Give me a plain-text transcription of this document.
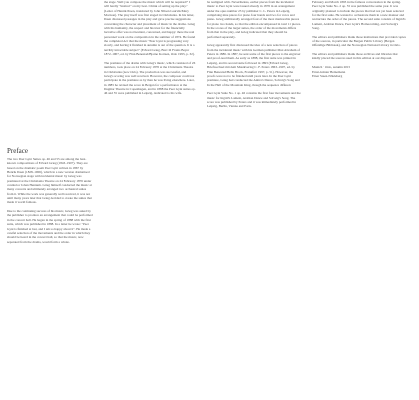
Preface

The two Peer Gynt Suites op. 46 and 55 are among the best-known compositions of Edvard Grieg (1843–1907). They are based on the dramatic poem Peer Gynt written in 1867 by Henrik Ibsen (1828–1906), which in a new version dramatised for Norwegian stage with incidental music by Grieg was premiered at the Christiania Theatre on 24 February 1876 under conductor Johan Hennum. Grieg himself conducted the music at many concerts and ultimately arranged two orchestral suites from it. While the work was generally well received, it was not until many years later that Grieg decided to create the suites that made it world famous.

Due to the continuing success of his music, Grieg was asked by the publisher to produce an arrangement that could be performed in the concert hall. He began in the spring of 1888 with the first suite, which was published in 1888. In a letter he wrote: "Peer Gynt is finished at last, and I am so happy about it". He made a careful selection of the movements and the order in which they should be heard in the concert hall, so that the music, now separated from the drama, would form a whole.

the stage. Well you compose the music which will be required!" I will hardly "instinct" on my best. I think of setting up the play." (Letter of Henrik Ibsen, translated by John Nilsen Laurvik/Mary Morison). The play itself was first staged in Christiania. In his letter, Ibsen discussed passages in the play and gave precise suggestions concerning the character and placement of music in the drama. Grieg with his humanity, the respect and his trust for the financially lucrative offer was not hesitant, concerned, and happy: there the real personnel work on the composition in the summer of 1874. He found the completed Act that the music "Peer Gynt is progressing very slowly, and having it finished in autumn is out of the question. It is a terribly intractable subject" (Edvard Grieg, Brev til Frants Beyer 1872–1907, ed. by Finn Benestad/Bjarne Kortsen, Oslo 1993, p. 32).

The premiere of the drama with Grieg's music, which consisted of 26 numbers, took place on 24 February 1876 at the Christiania Theatre in Christiania (now Oslo). The production was successful, and Grieg's scoring was well received. However, the composer could not participate in the premiere as by then he was living elsewhere. Later, in 1885 he revised the score in Bergen for a performance at the Dagmar Theatre in Copenhagen, and in 1888 the Peer Gynt suites op. 46 and 55 were published in Leipzig, dedicated to his wife.

be realigned with. Nevertheless, earlier pieces from the incidental music to Peer Gynt were issued already in 1876 in an arrangement under the opus number 23 by publisher C. L. Peters in Leipzig, comprising nine pieces for piano four hands and two for voice and piano. Grieg additionally arranged four of the most memorable pieces for piano two hands, so that the edition encompassed in total 11 pieces. In the scores of the larger suites, the order of the movements differs from that in the play, and Grieg indicated that they should be performed separately.

Grieg apparently first discussed the idea of a new selection of pieces from the incidental music with his German publisher Max Abraham of Peters in 1886. In 1887, he sent some of the first pieces to the engraver and proof-read them. As early as 1888, the first suite was printed in Leipzig, and its second suite followed in 1893 (Edvard Grieg, Briefwechsel mit dem Musikverlag C. F. Peters 1863–1907, ed. by Finn Benestad/Hella Brock, Frankfurt 1997, p. 51). However, the proofs were not to be finished until years later. In the Peer Gynt premiere, Grieg had conducted the Anitra's Dance, Solveig's Song and In the Hall of the Mountain King, though the sequence differed.

Peer Gynt Suite No. 1 op. 46 contains the first four movements and the music for Ingrid's Lament, Arabian Dance and Solveig's Song. The score was published by Peters and it was immediately performed in Leipzig, Berlin, Vienna and Paris.

February and March 1893 in the famous conversation in the spring. Peer Gynt Suite No. 2 op. 55 was published the same year. It was originally planned to include the pieces that had not yet been selected for the first suite. He wanted to orchestrate them in a new manner and restructure the order of the pieces. The second suite consists of Ingrid's Lament, Arabian Dance, Peer Gynt's Homecoming, and Solveig's Song.

The editors and publishers thank those institutions that provided copies of the sources, in particular the Bergen Public Library (Bergen Offentlige Bibliotek), and the Norwegian National Library in Oslo.

The editors and publishers thank those archives and libraries that kindly placed the sources used in this edition at our disposal.

Munich · Oslo, autumn 2015
Ernst-Günter Heinemann
Einar Steen-Nökleberg
